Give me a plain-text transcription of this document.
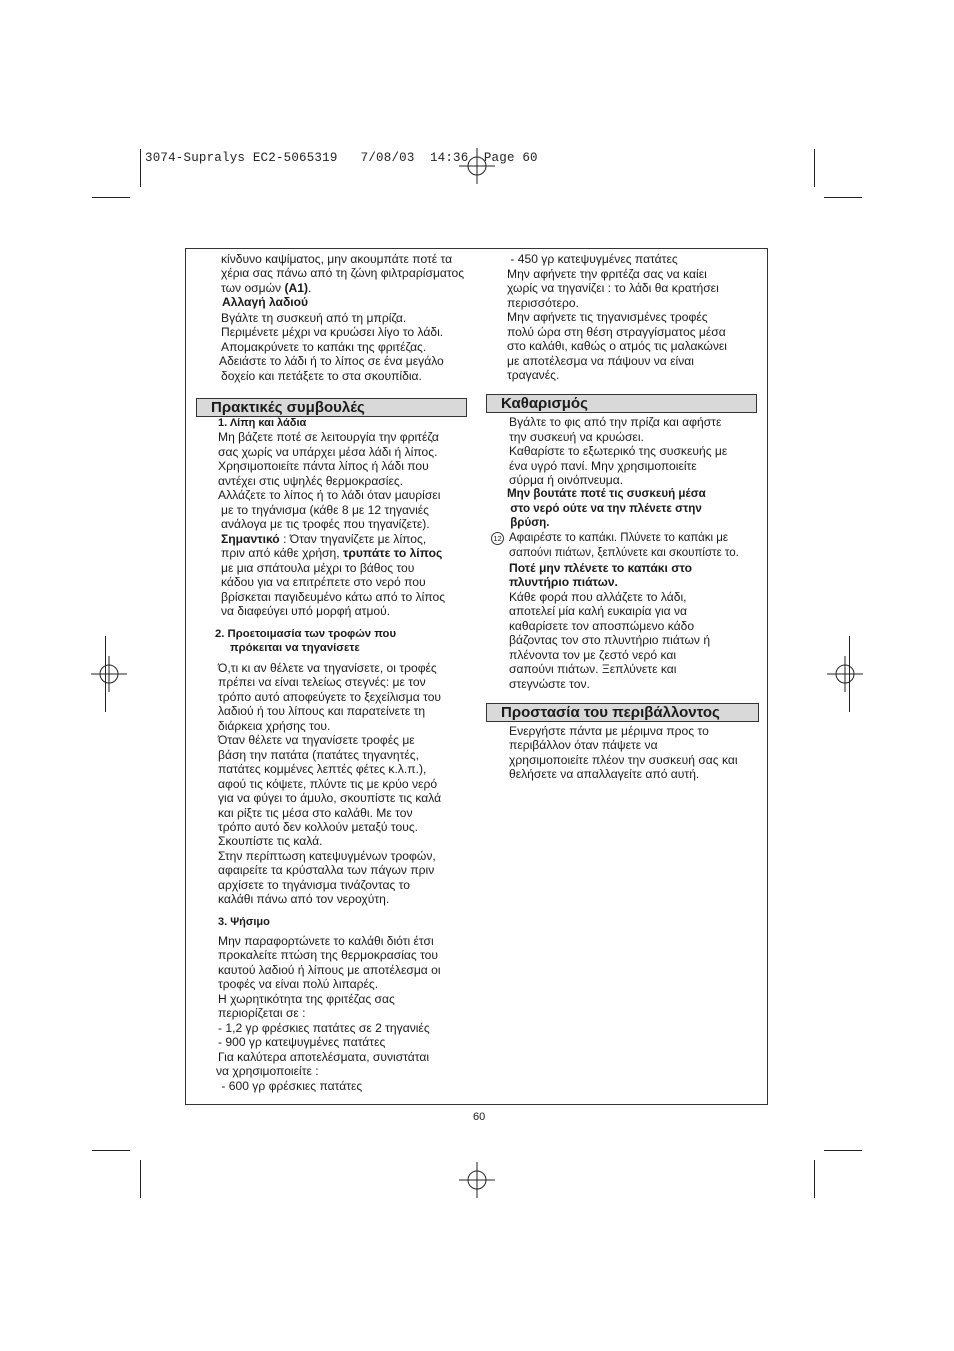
3074-Supralys EC2-5065319   7/08/03  14:36  Page 60
κίνδυνο καψίματος, μην ακουμπάτε ποτέ τα
χέρια σας πάνω από τη ζώνη φιλτραρίσματος
των οσμών (A1).
Αλλαγή λαδιού
Βγάλτε τη συσκευή από τη μπρίζα.
Περιμένετε μέχρι να κρυώσει λίγο το λάδι.
Απομακρύνετε το καπάκι της φριτέζας.
Αδειάστε το λάδι ή το λίπος σε ένα μεγάλο
δοχείο και πετάξετε το στα σκουπίδια.
Πρακτικές συμβουλές
1. Λίπη και λάδια
Μη βάζετε ποτέ σε λειτουργία την φριτέζα
σας χωρίς να υπάρχει μέσα λάδι ή λίπος.
Χρησιμοποιείτε πάντα λίπος ή λάδι που
αντέχει στις υψηλές θερμοκρασίες.
Αλλάζετε το λίπος ή το λάδι όταν μαυρίσει
με το τηγάνισμα (κάθε 8 με 12 τηγανιές
ανάλογα με τις τροφές που τηγανίζετε).
Σημαντικό : Όταν τηγανίζετε με λίπος,
πριν από κάθε χρήση, τρυπάτε το λίπος
με μια σπάτουλα μέχρι το βάθος του
κάδου για να επιτρέπετε στο νερό που
βρίσκεται παγιδευμένο κάτω από το λίπος
να διαφεύγει υπό μορφή ατμού.
2. Προετοιμασία των τροφών που
πρόκειται να τηγανίσετε
Ό,τι κι αν θέλετε να τηγανίσετε, οι τροφές
πρέπει να είναι τελείως στεγνές: με τον
τρόπο αυτό αποφεύγετε το ξεχείλισμα του
λαδιού ή του λίπους και παρατείνετε τη
διάρκεια χρήσης του.
Όταν θέλετε να τηγανίσετε τροφές με
βάση την πατάτα (πατάτες τηγανητές,
πατάτες κομμένες λεπτές φέτες κ.λ.π.),
αφού τις κόψετε, πλύντε τις με κρύο νερό
για να φύγει το άμυλο, σκουπίστε τις καλά
και ρίξτε τις μέσα στο καλάθι. Με τον
τρόπο αυτό δεν κολλούν μεταξύ τους.
Σκουπίστε τις καλά.
Στην περίπτωση κατεψυγμένων τροφών,
αφαιρείτε τα κρύσταλλα των πάγων πριν
αρχίσετε το τηγάνισμα τινάζοντας το
καλάθι πάνω από τον νεροχύτη.
3. Ψήσιμο
Μην παραφορτώνετε το καλάθι διότι έτσι
προκαλείτε πτώση της θερμοκρασίας του
καυτού λαδιού ή λίπους με αποτέλεσμα οι
τροφές να είναι πολύ λιπαρές.
Η χωρητικότητα της φριτέζας σας
περιορίζεται σε :
- 1,2 γρ φρέσκιες πατάτες σε 2 τηγανιές
- 900 γρ κατεψυγμένες πατάτες
Για καλύτερα αποτελέσματα, συνιστάται
να χρησιμοποιείτε :
- 600 γρ φρέσκιες πατάτες
- 450 γρ κατεψυγμένες πατάτες
Μην αφήνετε την φριτέζα σας να καίει
χωρίς να τηγανίζει : το λάδι θα κρατήσει
περισσότερο.
Μην αφήνετε τις τηγανισμένες τροφές
πολύ ώρα στη θέση στραγγίσματος μέσα
στο καλάθι, καθώς ο ατμός τις μαλακώνει
με αποτέλεσμα να πάψουν να είναι
τραγανές.
Καθαρισμός
Βγάλτε το φις από την πρίζα και αφήστε
την συσκευή να κρυώσει.
Καθαρίστε το εξωτερικό της συσκευής με
ένα υγρό πανί. Μην χρησιμοποιείτε
σύρμα ή οινόπνευμα.
Μην βουτάτε ποτέ τις συσκευή μέσα
στο νερό ούτε να την πλένετε στην
βρύση.
12 Αφαιρέστε το καπάκι. Πλύνετε το καπάκι με
σαπούνι πιάτων, ξεπλύνετε και σκουπίστε το.
Ποτέ μην πλένετε το καπάκι στο
πλυντήριο πιάτων.
Κάθε φορά που αλλάζετε το λάδι,
αποτελεί μία καλή ευκαιρία για να
καθαρίσετε τον αποσπώμενο κάδο
βάζοντας τον στο πλυντήριο πιάτων ή
πλένοντα τον με ζεστό νερό και
σαπούνι πιάτων. Ξεπλύνετε και
στεγνώστε τον.
Προστασία του περιβάλλοντος
Ενεργήστε πάντα με μέριμνα προς το
περιβάλλον όταν πάψετε να
χρησιμοποιείτε πλέον την συσκευή σας και
θελήσετε να απαλλαγείτε από αυτή.
60
